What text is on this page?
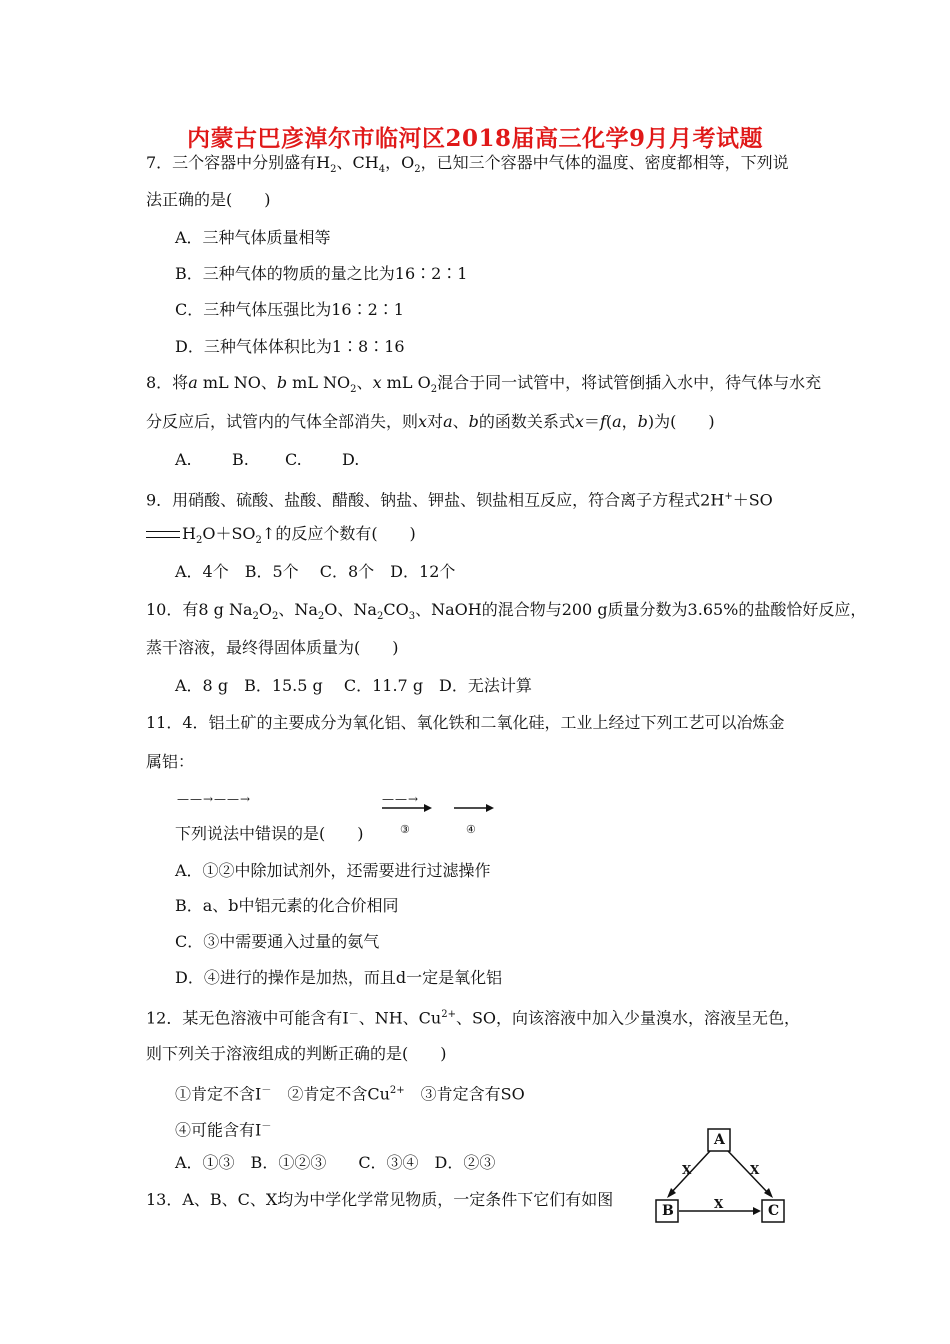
内蒙古巴彦淖尔市临河区2018届高三化学9月月考试题
7．三个容器中分别盛有$H_2$、$CH_4$，$O_2$，已知三个容器中气体的温度、密度都相等，下列说
法正确的是(　　)
A．三种气体质量相等
B．三种气体的物质的量之比为16∶2∶1
C．三种气体压强比为16∶2∶1
D．三种气体体积比为1∶8∶16
8．将a mL NO、b mL $NO_2$、x mL $O_2$混合于同一试管中，将试管倒插入水中，待气体与水充
分反应后，试管内的气体全部消失，则x对a、b的函数关系式x＝f(a，b)为(　　)
A.	B. C.	D.
9．用硝酸、硫酸、盐酸、醋酸、钠盐、钾盐、钡盐相互反应，符合离子方程式2H+＋SO
$H_2O+SO_2↑$的反应个数有(　　)
A．4个　B．5个　 C．8个　D．12个
10．有8 g $Na_2O_2$、$Na_2O$、$Na_2CO_3$、NaOH的混合物与200 g质量分数为3.65%的盐酸恰好反应，
蒸干溶液，最终得固体质量为(　　)
A．8 g　B．15.5 g　 C．11.7 g　D．无法计算
11．4．铝土矿的主要成分为氧化铝、氧化铁和二氧化硅，工业上经过下列工艺可以冶炼金
属铝：
——→——→	——→
③	④
下列说法中错误的是(　　)
A．①②中除加试剂外，还需要进行过滤操作
B．a、b中铝元素的化合价相同
C．③中需要通入过量的氨气
D．④进行的操作是加热，而且d一定是氧化铝
12．某无色溶液中可能含有I－、NH、$Cu^{2+}$、SO，向该溶液中加入少量溴水，溶液呈无色，
则下列关于溶液组成的判断正确的是(　　)
①肯定不含I－　②肯定不含$Cu^{2+}$　③肯定含有SO
④可能含有I－
A．①③　B．①②③　　C．③④　D．②③
13．A、B、C、X均为中学化学常见物质，一定条件下它们有如图
A
B	C
X	X
X
